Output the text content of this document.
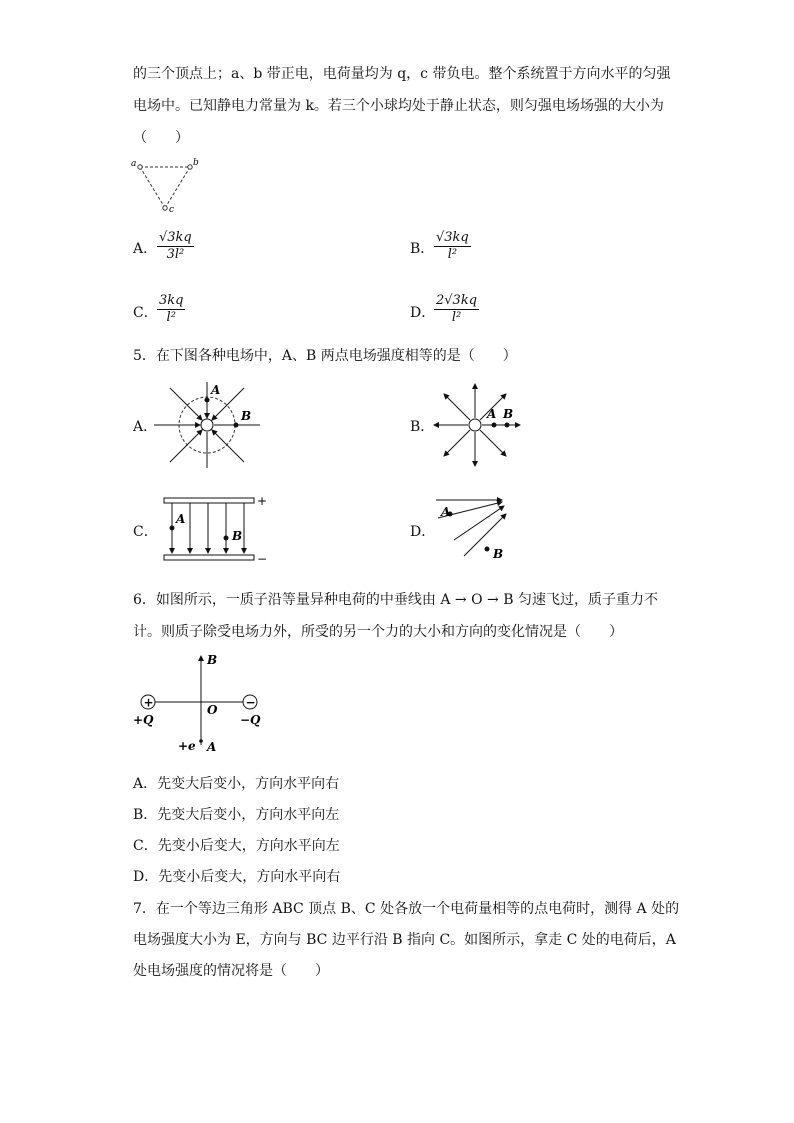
的三个顶点上；a、b 带正电，电荷量均为 q，c 带负电。整个系统置于方向水平的匀强
电场中。已知静电力常量为 k。若三个小球均处于静止状态，则匀强电场场强的大小为
（　　）
a	b
c
A． $\frac{√3kq}{\text{3l²}}$	B． $\frac{√3kq}{\text{l²}}$
C． $\frac{3kq}{\text{l²}}$	D．
$\frac{2√3kq}{\text{l²}}$
5．在下图各种电场中，A、B 两点电场强度相等的是（　　）
A．
A
B
B．
A B
C．
A
B
+
−
D．
A
B
6．如图所示，一质子沿等量异种电荷的中垂线由 A → O → B 匀速飞过，质子重力不
计。则质子除受电场力外，所受的另一个力的大小和方向的变化情况是（　　）
+	−
B
O
A
+Q	−Q
+e
A．先变大后变小，方向水平向右
B．先变大后变小，方向水平向左
C．先变小后变大，方向水平向左
D．先变小后变大，方向水平向右
7．在一个等边三角形 ABC 顶点 B、C 处各放一个电荷量相等的点电荷时，测得 A 处的
电场强度大小为 E，方向与 BC 边平行沿 B 指向 C。如图所示，拿走 C 处的电荷后，A
处电场强度的情况将是（　　）
